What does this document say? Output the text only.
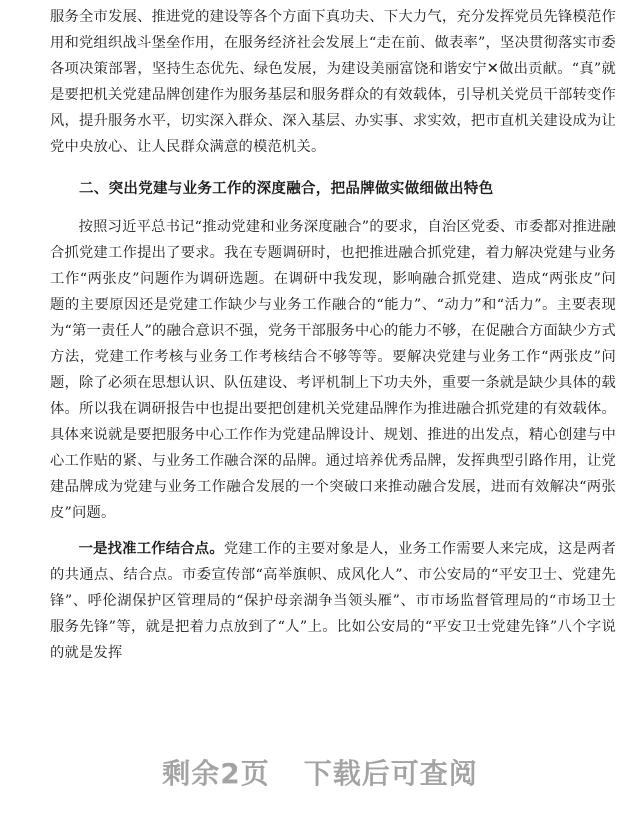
服务全市发展、推进党的建设等各个方面下真功夫、下大力气，充分发挥党员先锋模范作用和党组织战斗堡垒作用，在服务经济社会发展上“走在前、做表率”，坚决贯彻落实市委各项决策部署，坚持生态优先、绿色发展，为建设美丽富饶和谐安宁✕做出贡献。“真”就是要把机关党建品牌创建作为服务基层和服务群众的有效载体，引导机关党员干部转变作风，提升服务水平，切实深入群众、深入基层、办实事、求实效，把市直机关建设成为让党中央放心、让人民群众满意的模范机关。

二、突出党建与业务工作的深度融合，把品牌做实做细做出特色

按照习近平总书记“推动党建和业务深度融合”的要求，自治区党委、市委都对推进融合抓党建工作提出了要求。我在专题调研时，也把推进融合抓党建，着力解决党建与业务工作“两张皮”问题作为调研选题。在调研中我发现，影响融合抓党建、造成“两张皮”问题的主要原因还是党建工作缺少与业务工作融合的“能力”、“动力”和“活力”。主要表现为“第一责任人”的融合意识不强，党务干部服务中心的能力不够，在促融合方面缺少方式方法，党建工作考核与业务工作考核结合不够等等。要解决党建与业务工作“两张皮”问题，除了必须在思想认识、队伍建设、考评机制上下功夫外，重要一条就是缺少具体的载体。所以我在调研报告中也提出要把创建机关党建品牌作为推进融合抓党建的有效载体。具体来说就是要把服务中心工作作为党建品牌设计、规划、推进的出发点，精心创建与中心工作贴的紧、与业务工作融合深的品牌。通过培养优秀品牌，发挥典型引路作用，让党建品牌成为党建与业务工作融合发展的一个突破口来推动融合发展，进而有效解决“两张皮”问题。

一是找准工作结合点。党建工作的主要对象是人，业务工作需要人来完成，这是两者的共通点、结合点。市委宣传部“高举旗帜、成风化人”、市公安局的“平安卫士、党建先锋”、呼伦湖保护区管理局的“保护母亲湖争当领头雁”、市市场监督管理局的“市场卫士服务先锋”等，就是把着力点放到了“人”上。比如公安局的“平安卫士党建先锋”八个字说的就是发挥

剩余2页 下载后可查阅
